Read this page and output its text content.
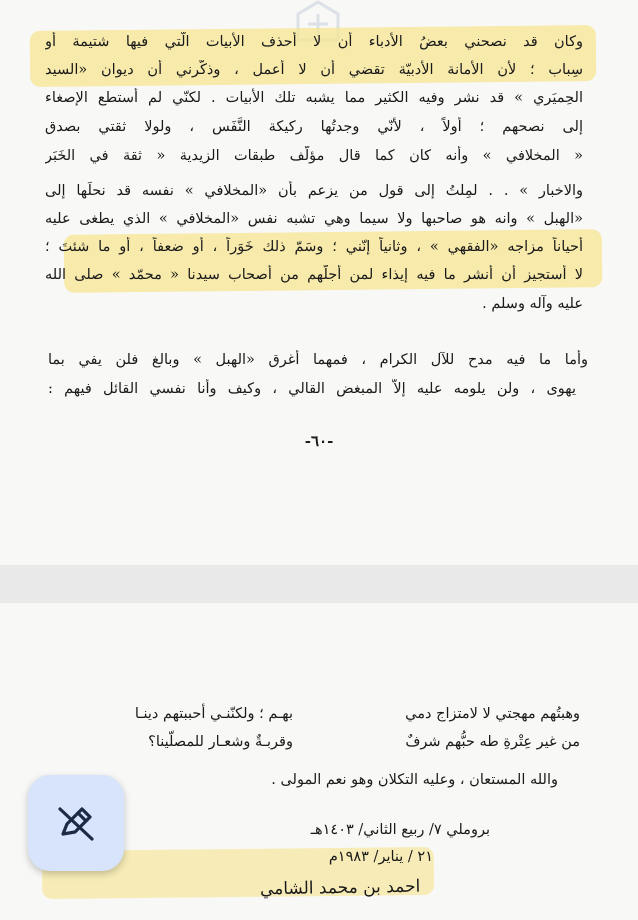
وكان قد نصحني بعضُ الأدباء أن لا أحذف الأبيات الّتي فيها شتيمة أو
سِباب ؛ لأن الأمانة الأدبيّة تقضي أن لا أعمل ، وذكّرني أن ديوان «السيد
الحِميَري » قد نشر وفيه الكثير مما يشبه تلك الأبيات . لكنّي لم أستطع الإصغاء
إلى نصحهم ؛ أولاً ، لأنّي وجدتُها ركيكة النَّفَس ، ولولا ثقتي بصدق
« المخلافي » وأنه كان كما قال مؤلّف طبقات الزيدية « ثقة في الخَبَر
والاخبار » . . لمِلتُ إلى قول من يزعم بأن «المخلافي » نفسه قد نحلَها إلى
«الهبل » وانه هو صاحبها ولا سيما وهي تشبه نفس «المخلافي » الذي يطغى عليه
أحياناً مزاجه «الفقهي » ، وثانياً إنّني ؛ وسَمّ ذلك خَوَراً ، أو ضعفاً ، أو ما شئتَ ؛
لا أستجيز أن أنشر ما فيه إيذاء لمن أجلّهم من أصحاب سيدنا « محمّد » صلى الله
عليه وآله وسلم .
وأما ما فيه مدح للآل الكرام ، فمهما أغرق «الهبل » وبالغ فلن يفي بما
يهوى ، ولن يلومه عليه إلاّ المبغض القالي ، وكيف وأنا نفسي القائل فيهم :
-٦٠-
وهبتُهم مهجتي لا لامتزاج دمي
بهـم ؛ ولكنّنـي أحببتهم دينـا
من غير عِتْرةِ طه حبُّهم شرفٌ
وقربـةٌ وشعـار للمصلّينا؟
والله المستعان ، وعليه التكلان وهو نعم المولى .
بروملي ٧/ ربيع الثاني/ ١٤٠٣هـ
٢١ / ينایر/ ١٩٨٣م
احمد بن محمد الشامي
